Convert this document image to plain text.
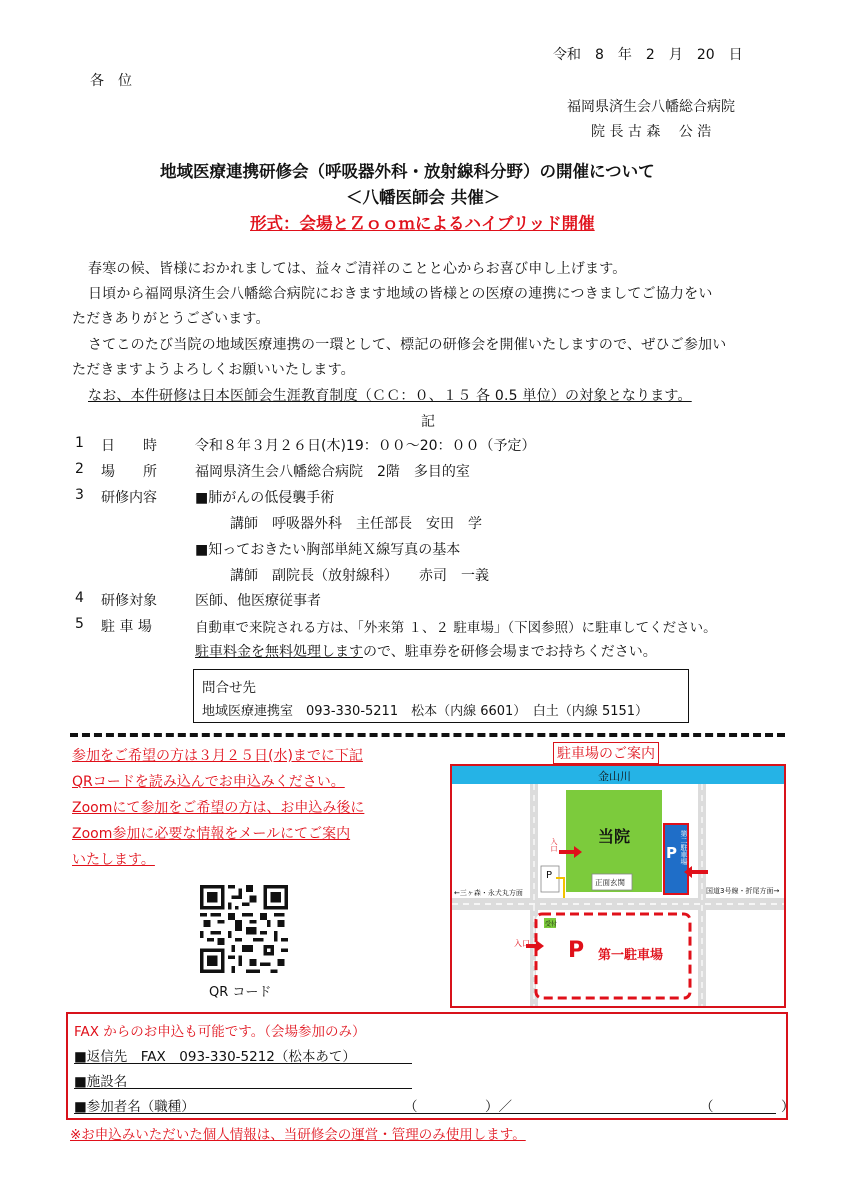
令和　8　年　2　月　20　日
各　位
福岡県済生会八幡総合病院
院 長 古 森　 公 浩
地域医療連携研修会（呼吸器外科・放射線科分野）の開催について
＜八幡医師会 共催＞
形式：会場とＺｏｏｍによるハイブリッド開催
春寒の候、皆様におかれましては、益々ご清祥のことと心からお喜び申し上げます。
日頃から福岡県済生会八幡総合病院におきます地域の皆様との医療の連携につきましてご協力をい
ただきありがとうございます。
さてこのたび当院の地域医療連携の一環として、標記の研修会を開催いたしますので、ぜひご参加い
ただきますようよろしくお願いいたします。
なお、本件研修は日本医師会生涯教育制度（ＣＣ：０、１５ 各 0.5 単位）の対象となります。
記
1 日　　時	令和８年３月２６日(木)19：００～20：００（予定）
2 場　　所	福岡県済生会八幡総合病院　2階　多目的室
3 研修内容	■肺がんの低侵襲手術
講師　呼吸器外科　主任部長　安田　学
■知っておきたい胸部単純Ｘ線写真の基本
講師　副院長（放射線科）　　赤司　一義
4 研修対象	医師、他医療従事者
5 駐 車 場	自動車で来院される方は、「外来第 １、２ 駐車場」（下図参照）に駐車してください。
駐車料金を無料処理しますので、駐車券を研修会場までお持ちください。
問合せ先
地域医療連携室　093-330-5211　松本（内線 6601）　白土（内線 5151）
参加をご希望の方は３月２５日(水)までに下記
QRコードを読み込んでお申込みください。
Zoomにて参加をご希望の方は、お申込み後に
Zoom参加に必要な情報をメールにてご案内
いたします。
QR コード
駐車場のご案内
金山川
当院
正面玄関
P 第二駐車場
P
入口
←三ヶ森・永犬丸方面	国道3号線・折尾方面→
受付
入口 P 第一駐車場
FAX からのお申込も可能です。（会場参加のみ）
■返信先　FAX　093-330-5212（松本あて）
■施設名
■参加者名（職種）	（　　　　　）／	（　　　　　）
※お申込みいただいた個人情報は、当研修会の運営・管理のみ使用します。
